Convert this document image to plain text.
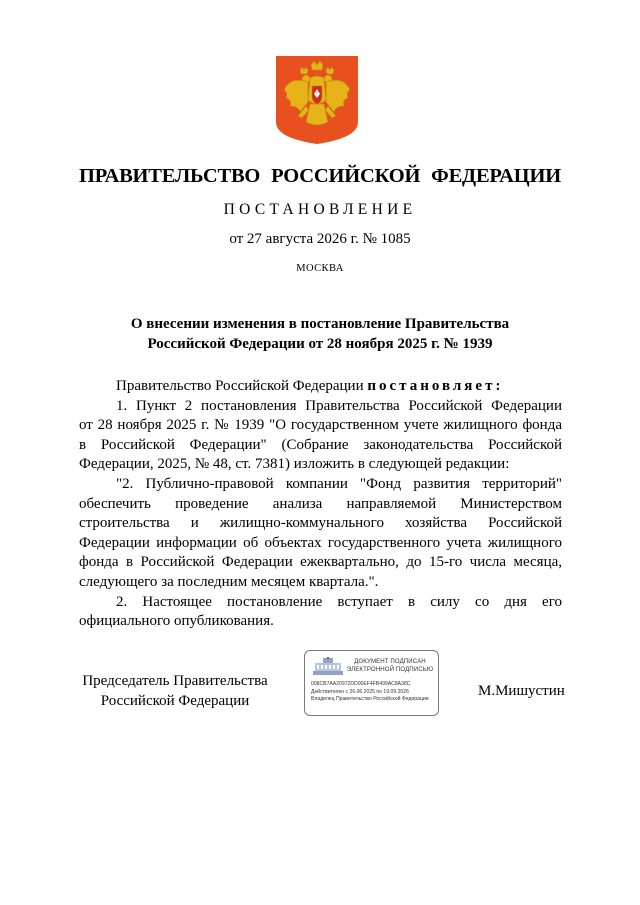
ПРАВИТЕЛЬСТВО РОССИЙСКОЙ ФЕДЕРАЦИИ
ПОСТАНОВЛЕНИЕ
от 27 августа 2026 г. № 1085
МОСКВА
О внесении изменения в постановление Правительства
Российской Федерации от 28 ноября 2025 г. № 1939
Правительство Российской Федерации постановляет:
1. Пункт 2 постановления Правительства Российской Федерации
от 28 ноября 2025 г. № 1939 "О государственном учете жилищного фонда
в Российской Федерации" (Собрание законодательства Российской
Федерации, 2025, № 48, ст. 7381) изложить в следующей редакции:
"2. Публично-правовой компании "Фонд развития территорий"
обеспечить проведение анализа направляемой Министерством
строительства и жилищно-коммунального хозяйства Российской
Федерации информации об объектах государственного учета жилищного
фонда в Российской Федерации ежеквартально, до 15-го числа месяца,
следующего за последним месяцем квартала.".
2. Настоящее постановление вступает в силу со дня его
официального опубликования.
Председатель Правительства
Российской Федерации
ДОКУМЕНТ ПОДПИСАН
ЭЛЕКТРОННОЙ ПОДПИСЬЮ
008CB7AA20972DD00EF4FB499AC8A38C
Действителен с 26.06.2025 по 19.09.2026
Владелец Правительство Российской Федерации	М.Мишустин
